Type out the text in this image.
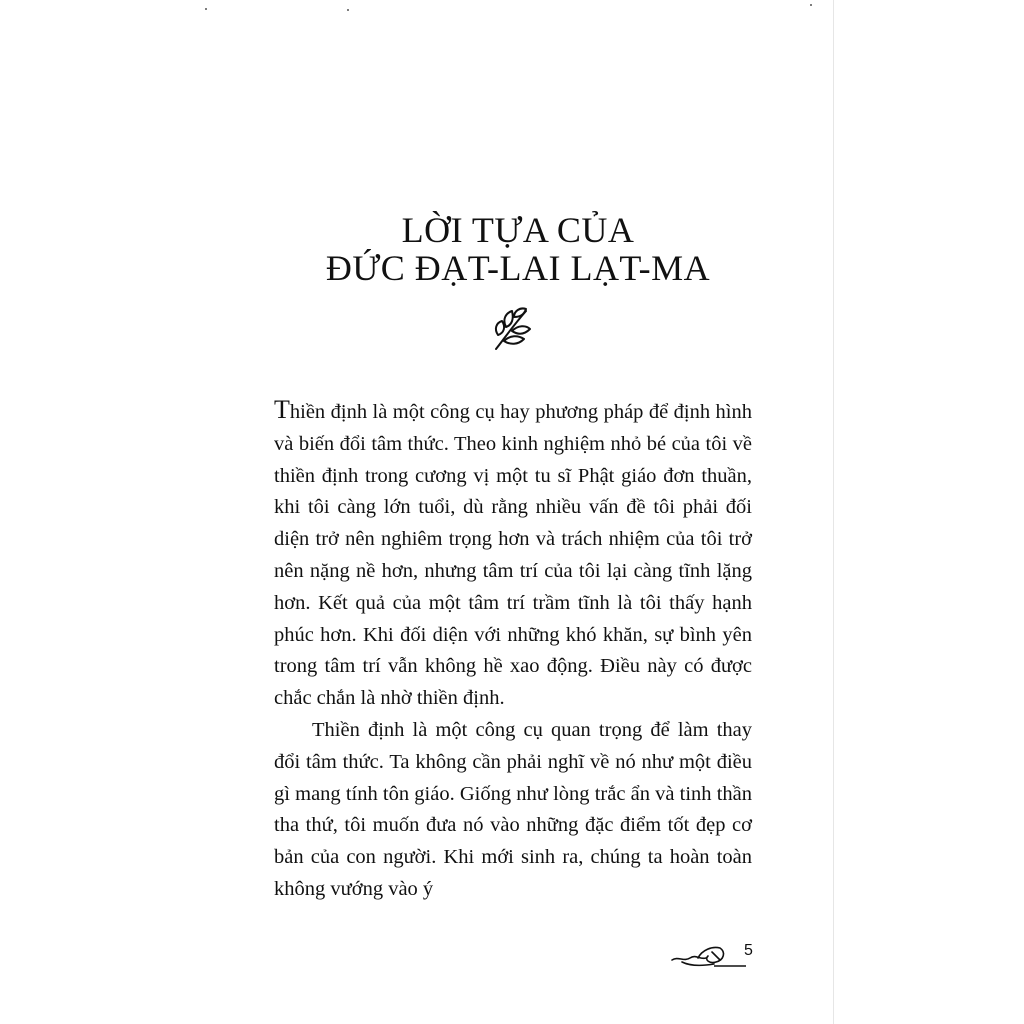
LỜI TỰA CỦA
ĐỨC ĐẠT-LAI LẠT-MA

Thiền định là một công cụ hay phương pháp để định hình và biến đổi tâm thức. Theo kinh nghiệm nhỏ bé của tôi về thiền định trong cương vị một tu sĩ Phật giáo đơn thuần, khi tôi càng lớn tuổi, dù rằng nhiều vấn đề tôi phải đối diện trở nên nghiêm trọng hơn và trách nhiệm của tôi trở nên nặng nề hơn, nhưng tâm trí của tôi lại càng tĩnh lặng hơn. Kết quả của một tâm trí trầm tĩnh là tôi thấy hạnh phúc hơn. Khi đối diện với những khó khăn, sự bình yên trong tâm trí vẫn không hề xao động. Điều này có được chắc chắn là nhờ thiền định.

Thiền định là một công cụ quan trọng để làm thay đổi tâm thức. Ta không cần phải nghĩ về nó như một điều gì mang tính tôn giáo. Giống như lòng trắc ẩn và tinh thần tha thứ, tôi muốn đưa nó vào những đặc điểm tốt đẹp cơ bản của con người. Khi mới sinh ra, chúng ta hoàn toàn không vướng vào ý

5
